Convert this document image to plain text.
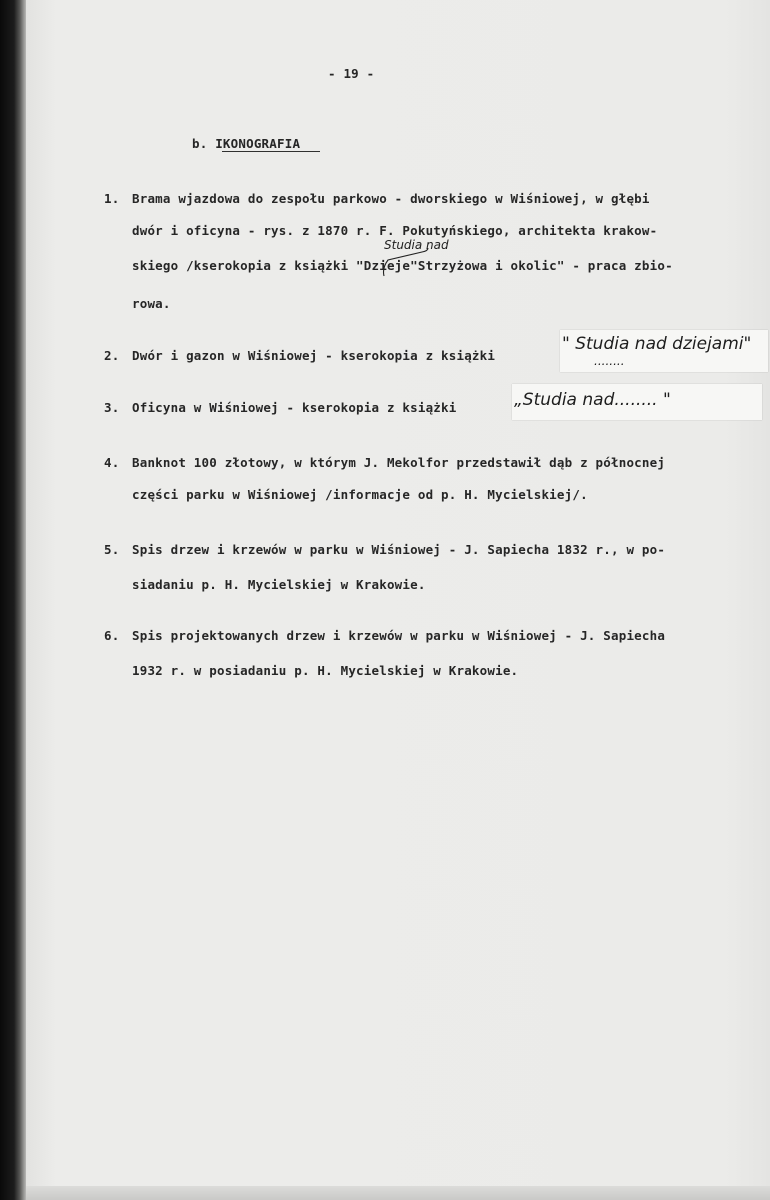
- 19 -

b. IKONOGRAFIA

1. Brama wjazdowa do zespołu parkowo - dworskiego w Wiśniowej, w głębi

dwór i oficyna - rys. z 1870 r. F. Pokutyńskiego, architekta krakow-

skiego /kserokopia z książki "Dzieje"Strzyżowa i okolic" - praca zbio-

rowa.

Studia nad

2. Dwór i gazon w Wiśniowej - kserokopia z książki

" Studia nad dziejami"

........

3. Oficyna w Wiśniowej - kserokopia z książki	„Studia nad........ "

4. Banknot 100 złotowy, w którym J. Mekolfor przedstawił dąb z północnej

części parku w Wiśniowej /informacje od p. H. Mycielskiej/.

5. Spis drzew i krzewów w parku w Wiśniowej - J. Sapiecha 1832 r., w po-

siadaniu p. H. Mycielskiej w Krakowie.

6. Spis projektowanych drzew i krzewów w parku w Wiśniowej - J. Sapiecha

1932 r. w posiadaniu p. H. Mycielskiej w Krakowie.
